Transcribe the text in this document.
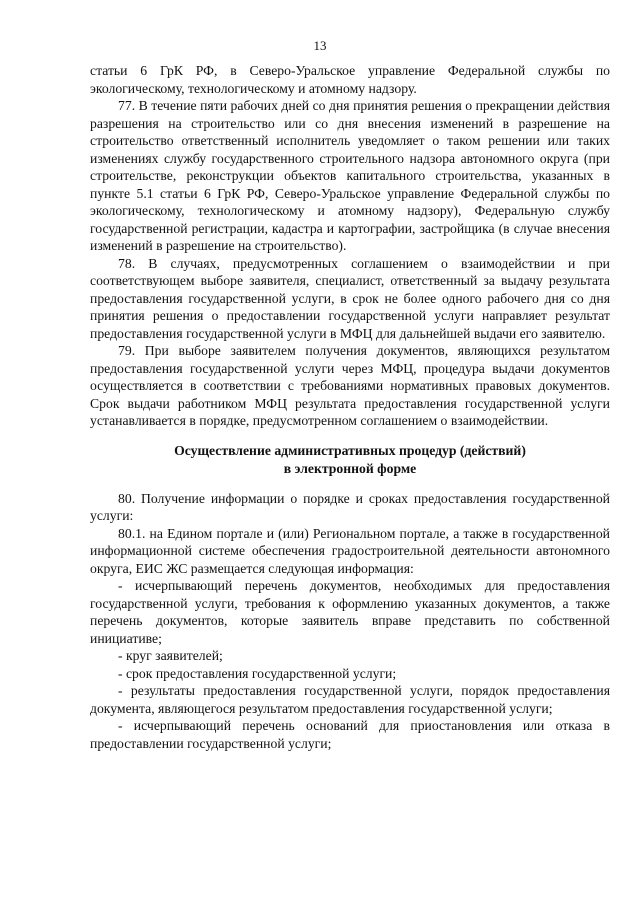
13

статьи 6 ГрК РФ, в Северо-Уральское управление Федеральной службы по экологическому, технологическому и атомному надзору.

77. В течение пяти рабочих дней со дня принятия решения о прекращении действия разрешения на строительство или со дня внесения изменений в разрешение на строительство ответственный исполнитель уведомляет о таком решении или таких изменениях службу государственного строительного надзора автономного округа (при строительстве, реконструкции объектов капитального строительства, указанных в пункте 5.1 статьи 6 ГрК РФ, Северо-Уральское управление Федеральной службы по экологическому, технологическому и атомному надзору), Федеральную службу государственной регистрации, кадастра и картографии, застройщика (в случае внесения изменений в разрешение на строительство).

78. В случаях, предусмотренных соглашением о взаимодействии и при соответствующем выборе заявителя, специалист, ответственный за выдачу результата предоставления государственной услуги, в срок не более одного рабочего дня со дня принятия решения о предоставлении государственной услуги направляет результат предоставления государственной услуги в МФЦ для дальнейшей выдачи его заявителю.

79. При выборе заявителем получения документов, являющихся результатом предоставления государственной услуги через МФЦ, процедура выдачи документов осуществляется в соответствии с требованиями нормативных правовых документов. Срок выдачи работником МФЦ результата предоставления государственной услуги устанавливается в порядке, предусмотренном соглашением о взаимодействии.

Осуществление административных процедур (действий)
в электронной форме

80. Получение информации о порядке и сроках предоставления государственной услуги:

80.1. на Едином портале и (или) Региональном портале, а также в государственной информационной системе обеспечения градостроительной деятельности автономного округа, ЕИС ЖС размещается следующая информация:

- исчерпывающий перечень документов, необходимых для предоставления государственной услуги, требования к оформлению указанных документов, а также перечень документов, которые заявитель вправе представить по собственной инициативе;

- круг заявителей;

- срок предоставления государственной услуги;

- результаты предоставления государственной услуги, порядок предоставления документа, являющегося результатом предоставления государственной услуги;

- исчерпывающий перечень оснований для приостановления или отказа в предоставлении государственной услуги;
